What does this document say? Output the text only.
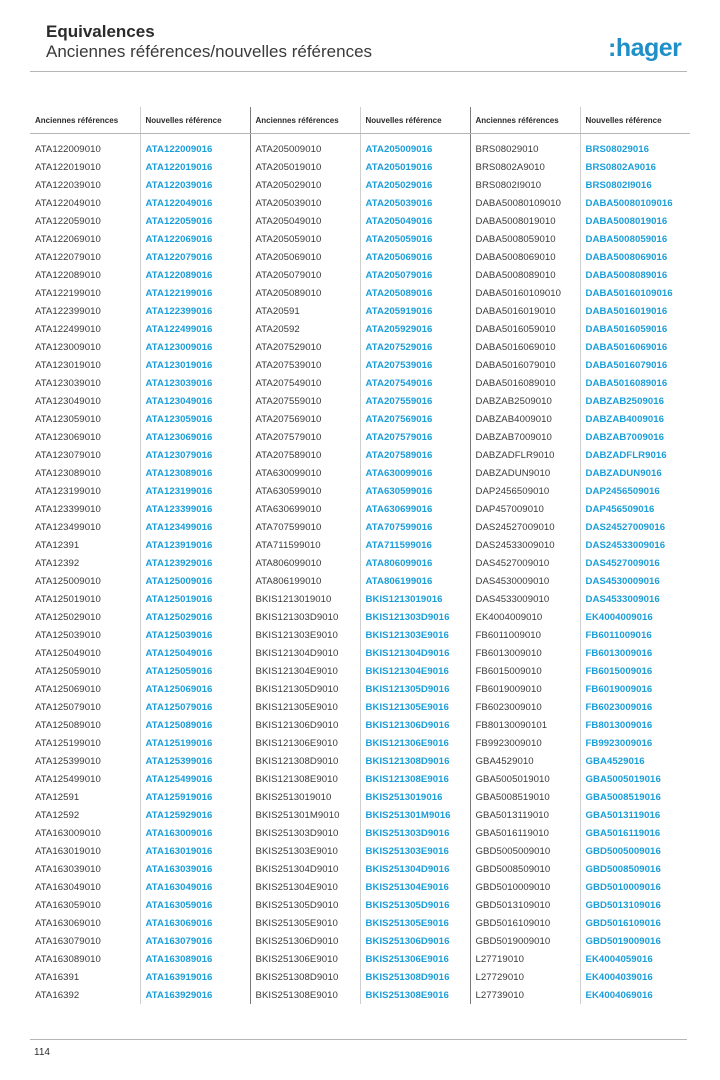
Equivalences
Anciennes références/nouvelles références	:hager
Anciennes références	Nouvelles référence	Anciennes références	Nouvelles référence	Anciennes références	Nouvelles référence
ATA122009010	ATA122009016	ATA205009010	ATA205009016	BRS08029010	BRS08029016
ATA122019010	ATA122019016	ATA205019010	ATA205019016	BRS0802A9010	BRS0802A9016
ATA122039010	ATA122039016	ATA205029010	ATA205029016	BRS0802I9010	BRS0802I9016
ATA122049010	ATA122049016	ATA205039010	ATA205039016	DABA50080109010	DABA50080109016
ATA122059010	ATA122059016	ATA205049010	ATA205049016	DABA5008019010	DABA5008019016
ATA122069010	ATA122069016	ATA205059010	ATA205059016	DABA5008059010	DABA5008059016
ATA122079010	ATA122079016	ATA205069010	ATA205069016	DABA5008069010	DABA5008069016
ATA122089010	ATA122089016	ATA205079010	ATA205079016	DABA5008089010	DABA5008089016
ATA122199010	ATA122199016	ATA205089010	ATA205089016	DABA50160109010	DABA50160109016
ATA122399010	ATA122399016	ATA20591	ATA205919016	DABA5016019010	DABA5016019016
ATA122499010	ATA122499016	ATA20592	ATA205929016	DABA5016059010	DABA5016059016
ATA123009010	ATA123009016	ATA207529010	ATA207529016	DABA5016069010	DABA5016069016
ATA123019010	ATA123019016	ATA207539010	ATA207539016	DABA5016079010	DABA5016079016
ATA123039010	ATA123039016	ATA207549010	ATA207549016	DABA5016089010	DABA5016089016
ATA123049010	ATA123049016	ATA207559010	ATA207559016	DABZAB2509010	DABZAB2509016
ATA123059010	ATA123059016	ATA207569010	ATA207569016	DABZAB4009010	DABZAB4009016
ATA123069010	ATA123069016	ATA207579010	ATA207579016	DABZAB7009010	DABZAB7009016
ATA123079010	ATA123079016	ATA207589010	ATA207589016	DABZADFLR9010	DABZADFLR9016
ATA123089010	ATA123089016	ATA630099010	ATA630099016	DABZADUN9010	DABZADUN9016
ATA123199010	ATA123199016	ATA630599010	ATA630599016	DAP2456509010	DAP2456509016
ATA123399010	ATA123399016	ATA630699010	ATA630699016	DAP457009010	DAP456509016
ATA123499010	ATA123499016	ATA707599010	ATA707599016	DAS24527009010	DAS24527009016
ATA12391	ATA123919016	ATA711599010	ATA711599016	DAS24533009010	DAS24533009016
ATA12392	ATA123929016	ATA806099010	ATA806099016	DAS4527009010	DAS4527009016
ATA125009010	ATA125009016	ATA806199010	ATA806199016	DAS4530009010	DAS4530009016
ATA125019010	ATA125019016	BKIS1213019010	BKIS1213019016	DAS4533009010	DAS4533009016
ATA125029010	ATA125029016	BKIS121303D9010	BKIS121303D9016	EK4004009010	EK4004009016
ATA125039010	ATA125039016	BKIS121303E9010	BKIS121303E9016	FB6011009010	FB6011009016
ATA125049010	ATA125049016	BKIS121304D9010	BKIS121304D9016	FB6013009010	FB6013009016
ATA125059010	ATA125059016	BKIS121304E9010	BKIS121304E9016	FB6015009010	FB6015009016
ATA125069010	ATA125069016	BKIS121305D9010	BKIS121305D9016	FB6019009010	FB6019009016
ATA125079010	ATA125079016	BKIS121305E9010	BKIS121305E9016	FB6023009010	FB6023009016
ATA125089010	ATA125089016	BKIS121306D9010	BKIS121306D9016	FB80130090101	FB8013009016
ATA125199010	ATA125199016	BKIS121306E9010	BKIS121306E9016	FB9923009010	FB9923009016
ATA125399010	ATA125399016	BKIS121308D9010	BKIS121308D9016	GBA4529010	GBA4529016
ATA125499010	ATA125499016	BKIS121308E9010	BKIS121308E9016	GBA5005019010	GBA5005019016
ATA12591	ATA125919016	BKIS2513019010	BKIS2513019016	GBA5008519010	GBA5008519016
ATA12592	ATA125929016	BKIS251301M9010	BKIS251301M9016	GBA5013119010	GBA5013119016
ATA163009010	ATA163009016	BKIS251303D9010	BKIS251303D9016	GBA5016119010	GBA5016119016
ATA163019010	ATA163019016	BKIS251303E9010	BKIS251303E9016	GBD5005009010	GBD5005009016
ATA163039010	ATA163039016	BKIS251304D9010	BKIS251304D9016	GBD5008509010	GBD5008509016
ATA163049010	ATA163049016	BKIS251304E9010	BKIS251304E9016	GBD5010009010	GBD5010009016
ATA163059010	ATA163059016	BKIS251305D9010	BKIS251305D9016	GBD5013109010	GBD5013109016
ATA163069010	ATA163069016	BKIS251305E9010	BKIS251305E9016	GBD5016109010	GBD5016109016
ATA163079010	ATA163079016	BKIS251306D9010	BKIS251306D9016	GBD5019009010	GBD5019009016
ATA163089010	ATA163089016	BKIS251306E9010	BKIS251306E9016	L27719010	EK4004059016
ATA16391	ATA163919016	BKIS251308D9010	BKIS251308D9016	L27729010	EK4004039016
ATA16392	ATA163929016	BKIS251308E9010	BKIS251308E9016	L27739010	EK4004069016
114
